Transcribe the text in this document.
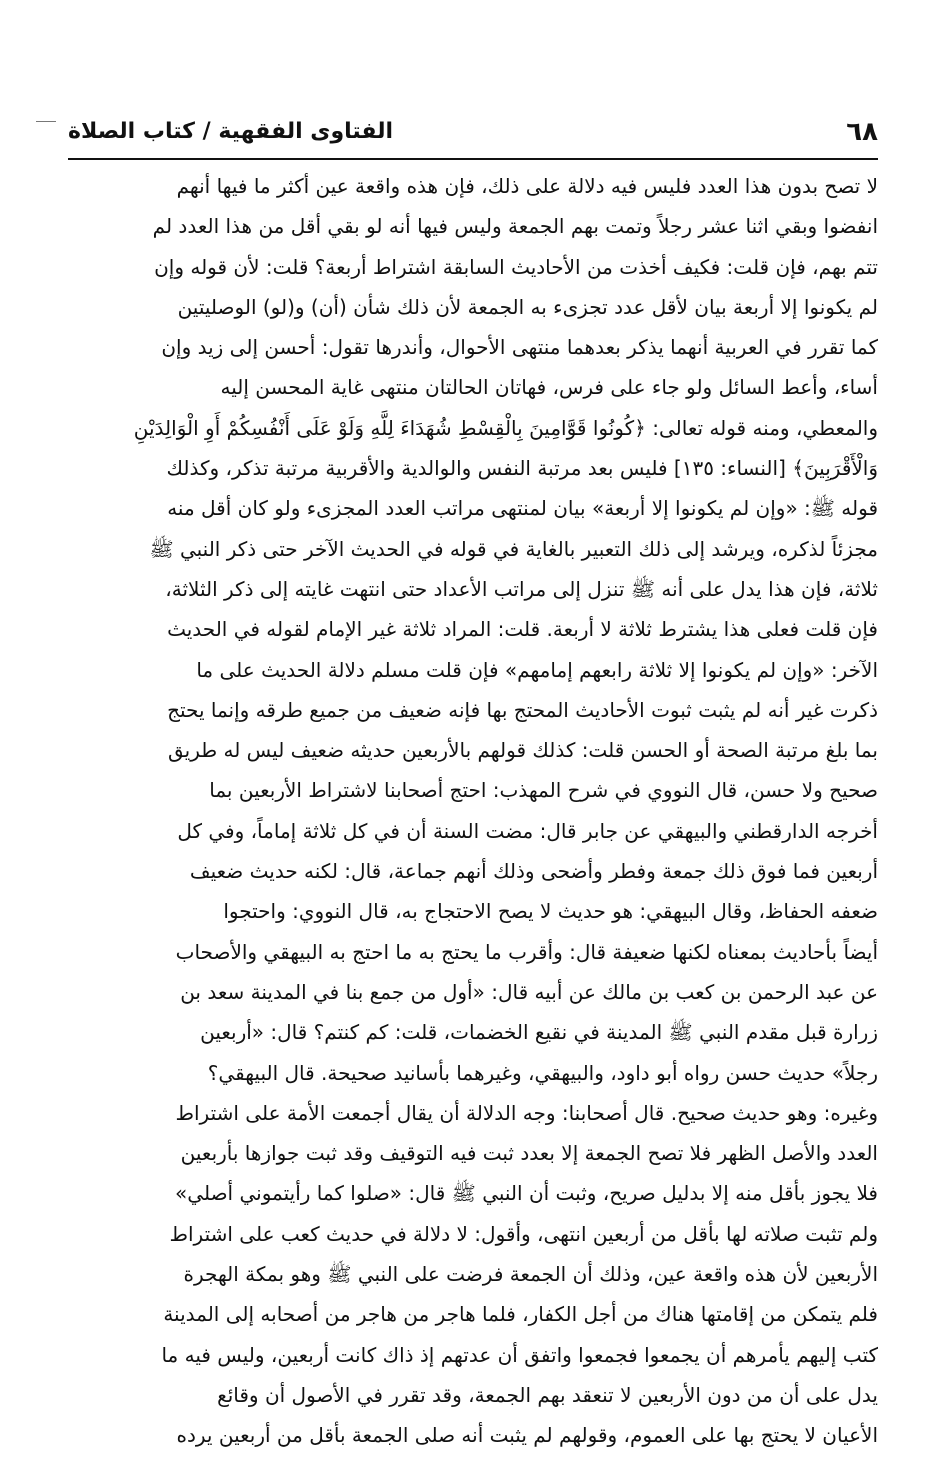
٦٨
الفتاوى الفقهية / كتاب الصلاة
لا تصح بدون هذا العدد فليس فيه دلالة على ذلك، فإن هذه واقعة عين أكثر ما فيها أنهم
انفضوا وبقي اثنا عشر رجلاً وتمت بهم الجمعة وليس فيها أنه لو بقي أقل من هذا العدد لم
تتم بهم، فإن قلت: فكيف أخذت من الأحاديث السابقة اشتراط أربعة؟ قلت: لأن قوله وإن
لم يكونوا إلا أربعة بيان لأقل عدد تجزىء به الجمعة لأن ذلك شأن (أن) و(لو) الوصليتين
كما تقرر في العربية أنهما يذكر بعدهما منتهى الأحوال، وأندرها تقول: أحسن إلى زيد وإن
أساء، وأعط السائل ولو جاء على فرس، فهاتان الحالتان منتهى غاية المحسن إليه
والمعطي، ومنه قوله تعالى: ﴿كُونُوا قَوَّامِينَ بِالْقِسْطِ شُهَدَاءَ لِلَّهِ وَلَوْ عَلَى أَنْفُسِكُمْ أَوِ الْوَالِدَيْنِ
وَالْأَقْرَبِينَ﴾ [النساء: ١٣٥] فليس بعد مرتبة النفس والوالدية والأقربية مرتبة تذكر، وكذلك
قوله ﷺ: «وإن لم يكونوا إلا أربعة» بيان لمنتهى مراتب العدد المجزىء ولو كان أقل منه
مجزئاً لذكره، ويرشد إلى ذلك التعبير بالغاية في قوله في الحديث الآخر حتى ذكر النبي ﷺ
ثلاثة، فإن هذا يدل على أنه ﷺ تنزل إلى مراتب الأعداد حتى انتهت غايته إلى ذكر الثلاثة،
فإن قلت فعلى هذا يشترط ثلاثة لا أربعة. قلت: المراد ثلاثة غير الإمام لقوله في الحديث
الآخر: «وإن لم يكونوا إلا ثلاثة رابعهم إمامهم» فإن قلت مسلم دلالة الحديث على ما
ذكرت غير أنه لم يثبت ثبوت الأحاديث المحتج بها فإنه ضعيف من جميع طرقه وإنما يحتج
بما بلغ مرتبة الصحة أو الحسن قلت: كذلك قولهم بالأربعين حديثه ضعيف ليس له طريق
صحيح ولا حسن، قال النووي في شرح المهذب: احتج أصحابنا لاشتراط الأربعين بما
أخرجه الدارقطني والبيهقي عن جابر قال: مضت السنة أن في كل ثلاثة إماماً، وفي كل
أربعين فما فوق ذلك جمعة وفطر وأضحى وذلك أنهم جماعة، قال: لكنه حديث ضعيف
ضعفه الحفاظ، وقال البيهقي: هو حديث لا يصح الاحتجاج به، قال النووي: واحتجوا
أيضاً بأحاديث بمعناه لكنها ضعيفة قال: وأقرب ما يحتج به ما احتج به البيهقي والأصحاب
عن عبد الرحمن بن كعب بن مالك عن أبيه قال: «أول من جمع بنا في المدينة سعد بن
زرارة قبل مقدم النبي ﷺ المدينة في نقيع الخضمات، قلت: كم كنتم؟ قال: «أربعين
رجلاً» حديث حسن رواه أبو داود، والبيهقي، وغيرهما بأسانيد صحيحة. قال البيهقي؟
وغيره: وهو حديث صحيح. قال أصحابنا: وجه الدلالة أن يقال أجمعت الأمة على اشتراط
العدد والأصل الظهر فلا تصح الجمعة إلا بعدد ثبت فيه التوقيف وقد ثبت جوازها بأربعين
فلا يجوز بأقل منه إلا بدليل صريح، وثبت أن النبي ﷺ قال: «صلوا كما رأيتموني أصلي»
ولم تثبت صلاته لها بأقل من أربعين انتهى، وأقول: لا دلالة في حديث كعب على اشتراط
الأربعين لأن هذه واقعة عين، وذلك أن الجمعة فرضت على النبي ﷺ وهو بمكة الهجرة
فلم يتمكن من إقامتها هناك من أجل الكفار، فلما هاجر من هاجر من أصحابه إلى المدينة
كتب إليهم يأمرهم أن يجمعوا فجمعوا واتفق أن عدتهم إذ ذاك كانت أربعين، وليس فيه ما
يدل على أن من دون الأربعين لا تنعقد بهم الجمعة، وقد تقرر في الأصول أن وقائع
الأعيان لا يحتج بها على العموم، وقولهم لم يثبت أنه صلى الجمعة بأقل من أربعين يرده
